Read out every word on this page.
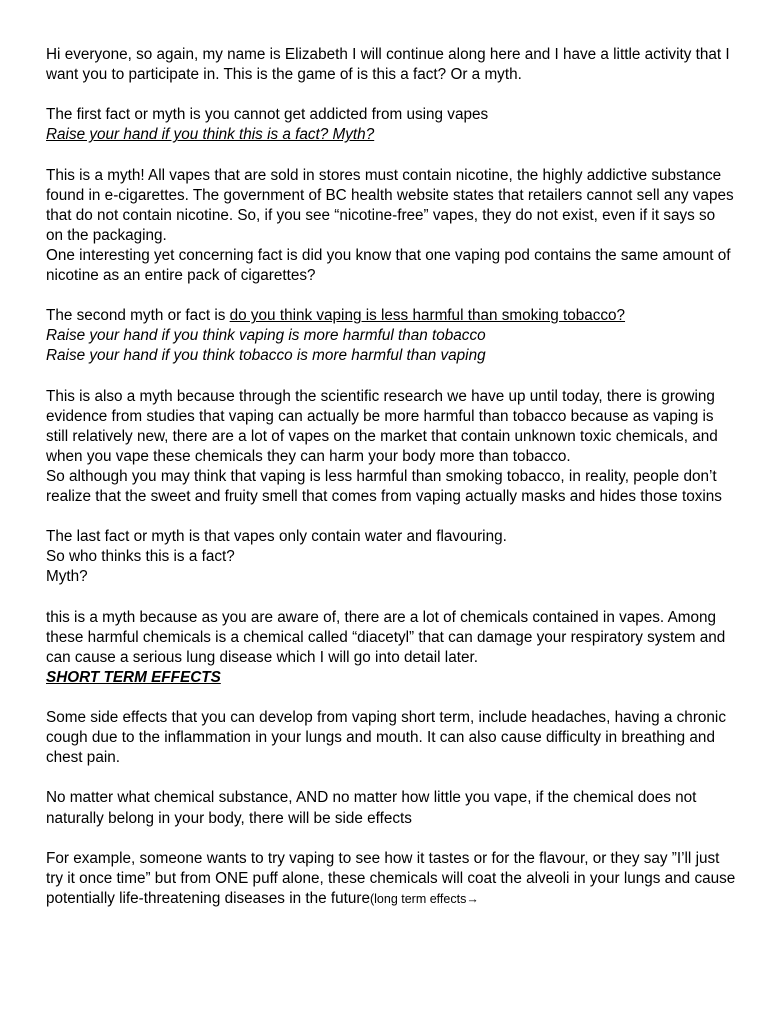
Hi everyone, so again, my name is Elizabeth I will continue along here and I have a little activity that I want you to participate in. This is the game of is this a fact? Or a myth.

The first fact or myth is you cannot get addicted from using vapes

Raise your hand if you think this is a fact? Myth?

This is a myth! All vapes that are sold in stores must contain nicotine, the highly addictive substance found in e-cigarettes. The government of BC health website states that retailers cannot sell any vapes that do not contain nicotine. So, if you see “nicotine-free” vapes, they do not exist, even if it says so on the packaging.

One interesting yet concerning fact is did you know that one vaping pod contains the same amount of nicotine as an entire pack of cigarettes?

The second myth or fact is do you think vaping is less harmful than smoking tobacco?

Raise your hand if you think vaping is more harmful than tobacco

Raise your hand if you think tobacco is more harmful than vaping

This is also a myth because through the scientific research we have up until today, there is growing evidence from studies that vaping can actually be more harmful than tobacco because as vaping is still relatively new, there are a lot of vapes on the market that contain unknown toxic chemicals, and when you vape these chemicals they can harm your body more than tobacco.

So although you may think that vaping is less harmful than smoking tobacco, in reality, people don’t realize that the sweet and fruity smell that comes from vaping actually masks and hides those toxins

The last fact or myth is that vapes only contain water and flavouring.

So who thinks this is a fact?

Myth?

this is a myth because as you are aware of, there are a lot of chemicals contained in vapes. Among these harmful chemicals is a chemical called “diacetyl” that can damage your respiratory system and can cause a serious lung disease which I will go into detail later.

SHORT TERM EFFECTS

Some side effects that you can develop from vaping short term, include headaches, having a chronic cough due to the inflammation in your lungs and mouth. It can also cause difficulty in breathing and chest pain.

No matter what chemical substance, AND no matter how little you vape, if the chemical does not naturally belong in your body, there will be side effects

For example, someone wants to try vaping to see how it tastes or for the flavour, or they say ”I’ll just try it once time” but from ONE puff alone, these chemicals will coat the alveoli in your lungs and cause potentially life-threatening diseases in the future(long term effects→
